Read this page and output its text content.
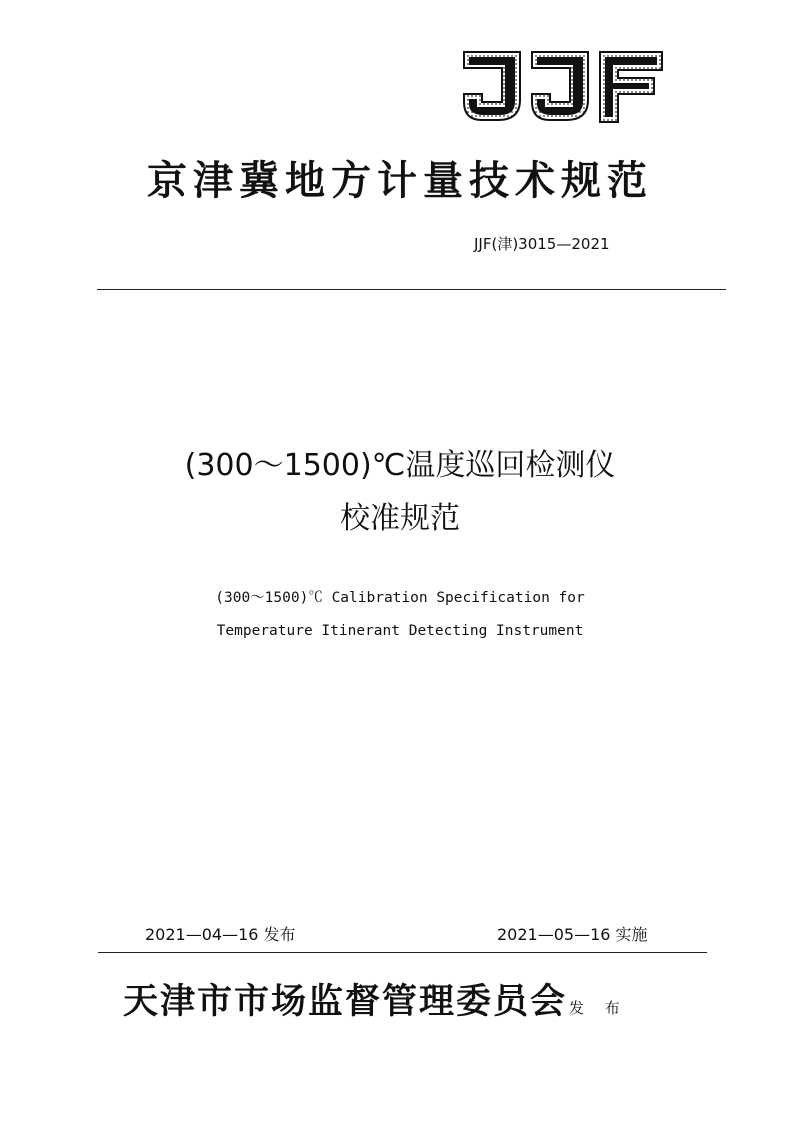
京津冀地方计量技术规范
JJF(津)3015—2021
(300～1500)℃温度巡回检测仪
校准规范
(300～1500)℃ Calibration Specification for
Temperature Itinerant Detecting Instrument
2021—04—16 发布	2021—05—16 实施
天津市市场监督管理委员会 发 布
